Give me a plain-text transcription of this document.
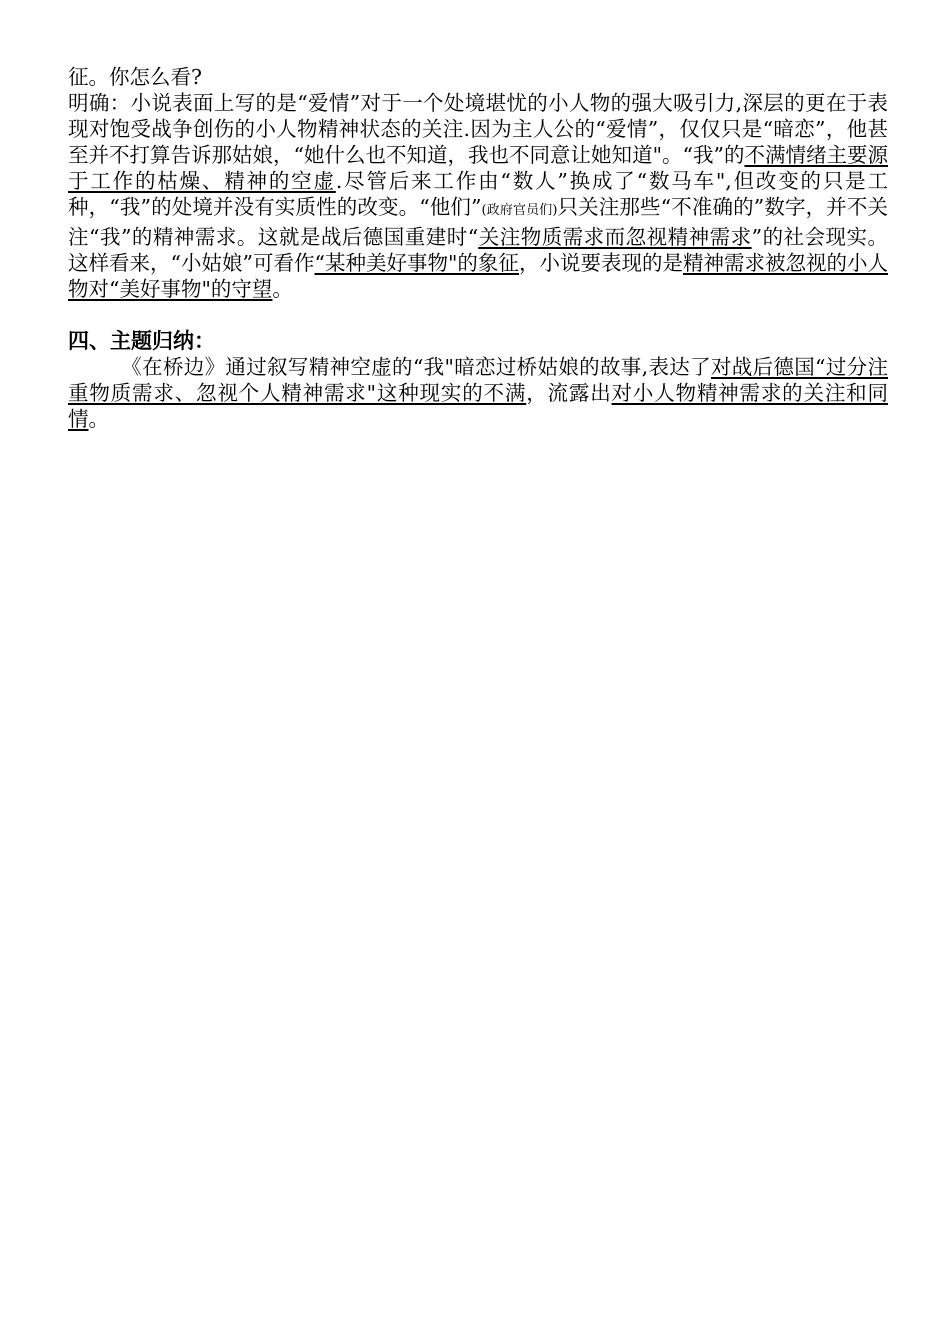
征。你怎么看?

明确：小说表面上写的是“爱情”对于一个处境堪忧的小人物的强大吸引力,深层的更在于表现对饱受战争创伤的小人物精神状态的关注.因为主人公的“爱情”，仅仅只是“暗恋”，他甚至并不打算告诉那姑娘，“她什么也不知道，我也不同意让她知道"。“我”的不满情绪主要源于工作的枯燥、精神的空虚.尽管后来工作由“数人”换成了“数马车",但改变的只是工种，“我”的处境并没有实质性的改变。“他们”(政府官员们)只关注那些“不准确的”数字，并不关注“我”的精神需求。这就是战后德国重建时“关注物质需求而忽视精神需求”的社会现实。这样看来，“小姑娘”可看作“某种美好事物"的象征，小说要表现的是精神需求被忽视的小人物对“美好事物"的守望。

四、主题归纳：

《在桥边》通过叙写精神空虚的“我"暗恋过桥姑娘的故事,表达了对战后德国“过分注重物质需求、忽视个人精神需求"这种现实的不满，流露出对小人物精神需求的关注和同情。
